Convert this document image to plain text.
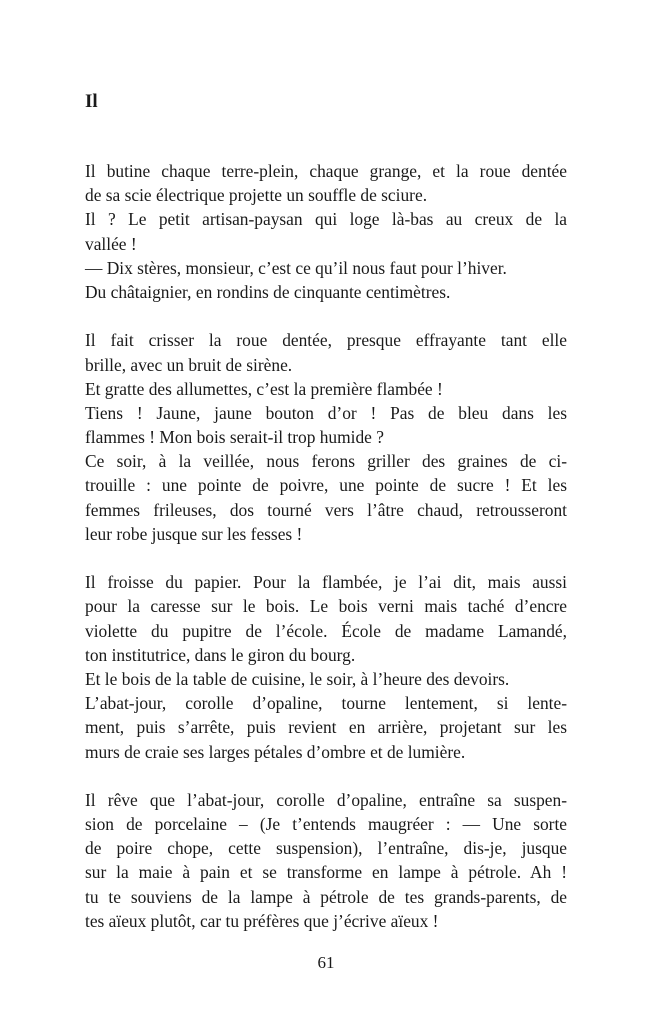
Il
Il butine chaque terre-plein, chaque grange, et la roue dentée
de sa scie électrique projette un souffle de sciure.
Il ? Le petit artisan-paysan qui loge là-bas au creux de la
vallée !
— Dix stères, monsieur, c’est ce qu’il nous faut pour l’hiver.
Du châtaignier, en rondins de cinquante centimètres.
Il fait crisser la roue dentée, presque effrayante tant elle
brille, avec un bruit de sirène.
Et gratte des allumettes, c’est la première flambée !
Tiens ! Jaune, jaune bouton d’or ! Pas de bleu dans les
flammes ! Mon bois serait-il trop humide ?
Ce soir, à la veillée, nous ferons griller des graines de ci-
trouille : une pointe de poivre, une pointe de sucre ! Et les
femmes frileuses, dos tourné vers l’âtre chaud, retrousseront
leur robe jusque sur les fesses !
Il froisse du papier. Pour la flambée, je l’ai dit, mais aussi
pour la caresse sur le bois. Le bois verni mais taché d’encre
violette du pupitre de l’école. École de madame Lamandé,
ton institutrice, dans le giron du bourg.
Et le bois de la table de cuisine, le soir, à l’heure des devoirs.
L’abat-jour, corolle d’opaline, tourne lentement, si lente-
ment, puis s’arrête, puis revient en arrière, projetant sur les
murs de craie ses larges pétales d’ombre et de lumière.
Il rêve que l’abat-jour, corolle d’opaline, entraîne sa suspen-
sion de porcelaine – (Je t’entends maugréer : — Une sorte
de poire chope, cette suspension), l’entraîne, dis-je, jusque
sur la maie à pain et se transforme en lampe à pétrole. Ah !
tu te souviens de la lampe à pétrole de tes grands-parents, de
tes aïeux plutôt, car tu préfères que j’écrive aïeux !
61
